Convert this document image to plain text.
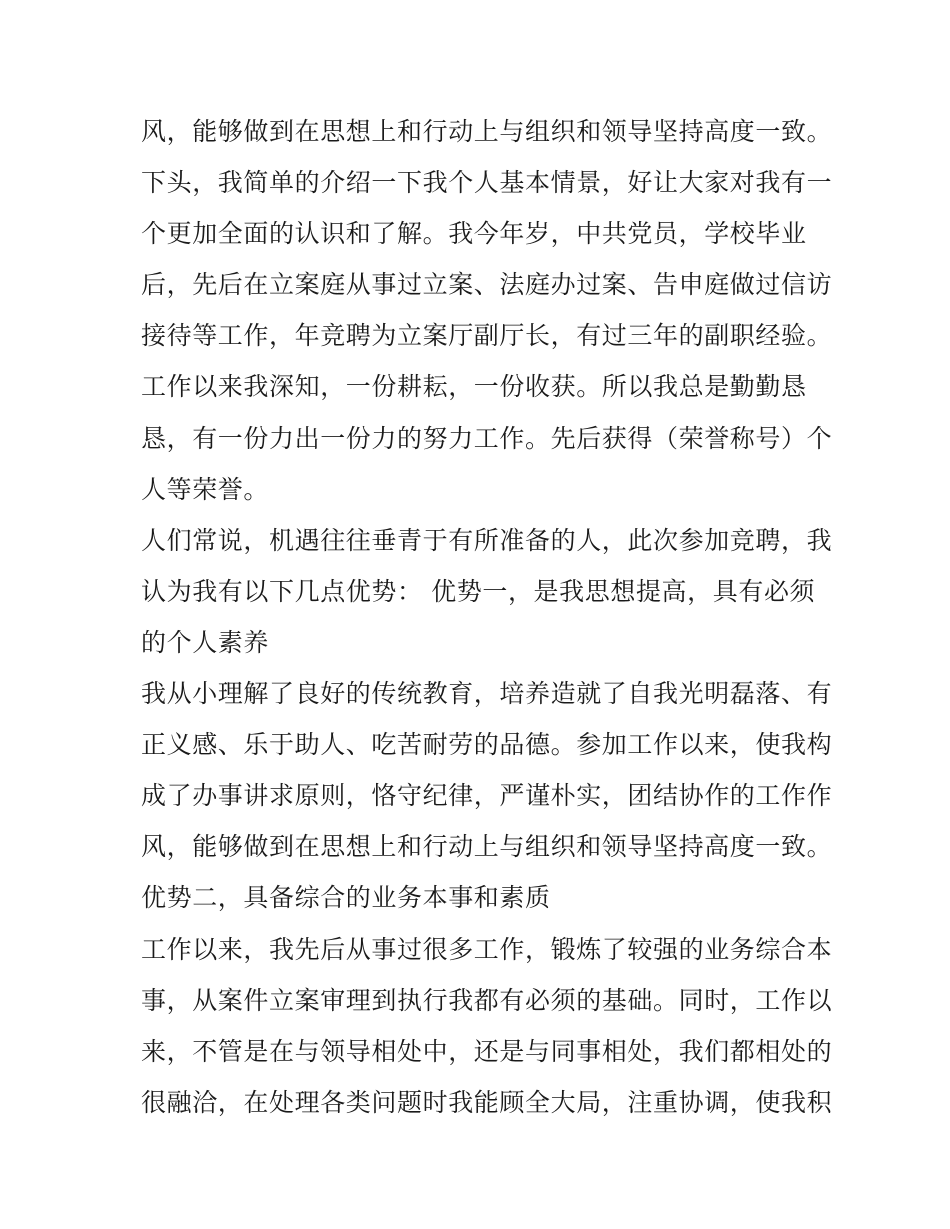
风，能够做到在思想上和行动上与组织和领导坚持高度一致。
下头，我简单的介绍一下我个人基本情景，好让大家对我有一
个更加全面的认识和了解。我今年岁，中共党员，学校毕业
后，先后在立案庭从事过立案、法庭办过案、告申庭做过信访
接待等工作，年竞聘为立案厅副厅长，有过三年的副职经验。
工作以来我深知，一份耕耘，一份收获。所以我总是勤勤恳
恳，有一份力出一份力的努力工作。先后获得（荣誉称号）个
人等荣誉。
人们常说，机遇往往垂青于有所准备的人，此次参加竞聘，我
认为我有以下几点优势： 优势一，是我思想提高，具有必须
的个人素养
我从小理解了良好的传统教育，培养造就了自我光明磊落、有
正义感、乐于助人、吃苦耐劳的品德。参加工作以来，使我构
成了办事讲求原则，恪守纪律，严谨朴实，团结协作的工作作
风，能够做到在思想上和行动上与组织和领导坚持高度一致。
优势二，具备综合的业务本事和素质
工作以来，我先后从事过很多工作，锻炼了较强的业务综合本
事，从案件立案审理到执行我都有必须的基础。同时，工作以
来，不管是在与领导相处中，还是与同事相处，我们都相处的
很融洽，在处理各类问题时我能顾全大局，注重协调，使我积
